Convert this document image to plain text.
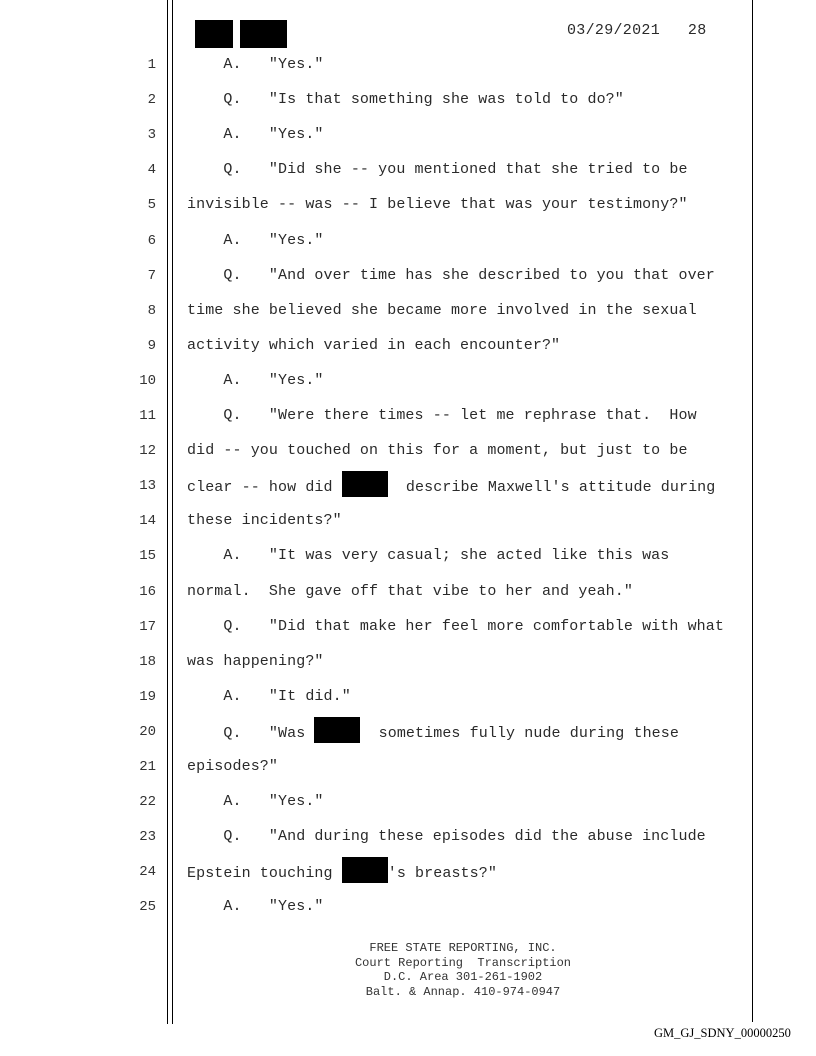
03/29/2021   28
1 A.   "Yes."
2 Q.   "Is that something she was told to do?"
3 A.   "Yes."
4 Q.   "Did she -- you mentioned that she tried to be
5 invisible -- was -- I believe that was your testimony?"
6 A.   "Yes."
7 Q.   "And over time has she described to you that over
8 time she believed she became more involved in the sexual
9 activity which varied in each encounter?"
10 A.   "Yes."
11 Q.   "Were there times -- let me rephrase that.  How
12 did -- you touched on this for a moment, but just to be
13 clear -- how did	describe Maxwell's attitude during
14 these incidents?"
15 A.   "It was very casual; she acted like this was
16 normal.  She gave off that vibe to her and yeah."
17 Q.   "Did that make her feel more comfortable with what
18 was happening?"
19 A.   "It did."
20 Q.   "Was	sometimes fully nude during these
21 episodes?"
22 A.   "Yes."
23 Q.   "And during these episodes did the abuse include
24 Epstein touching	's breasts?"
25 A.   "Yes."
FREE STATE REPORTING, INC.
Court Reporting  Transcription
D.C. Area 301-261-1902
Balt. & Annap. 410-974-0947
GM_GJ_SDNY_00000250
